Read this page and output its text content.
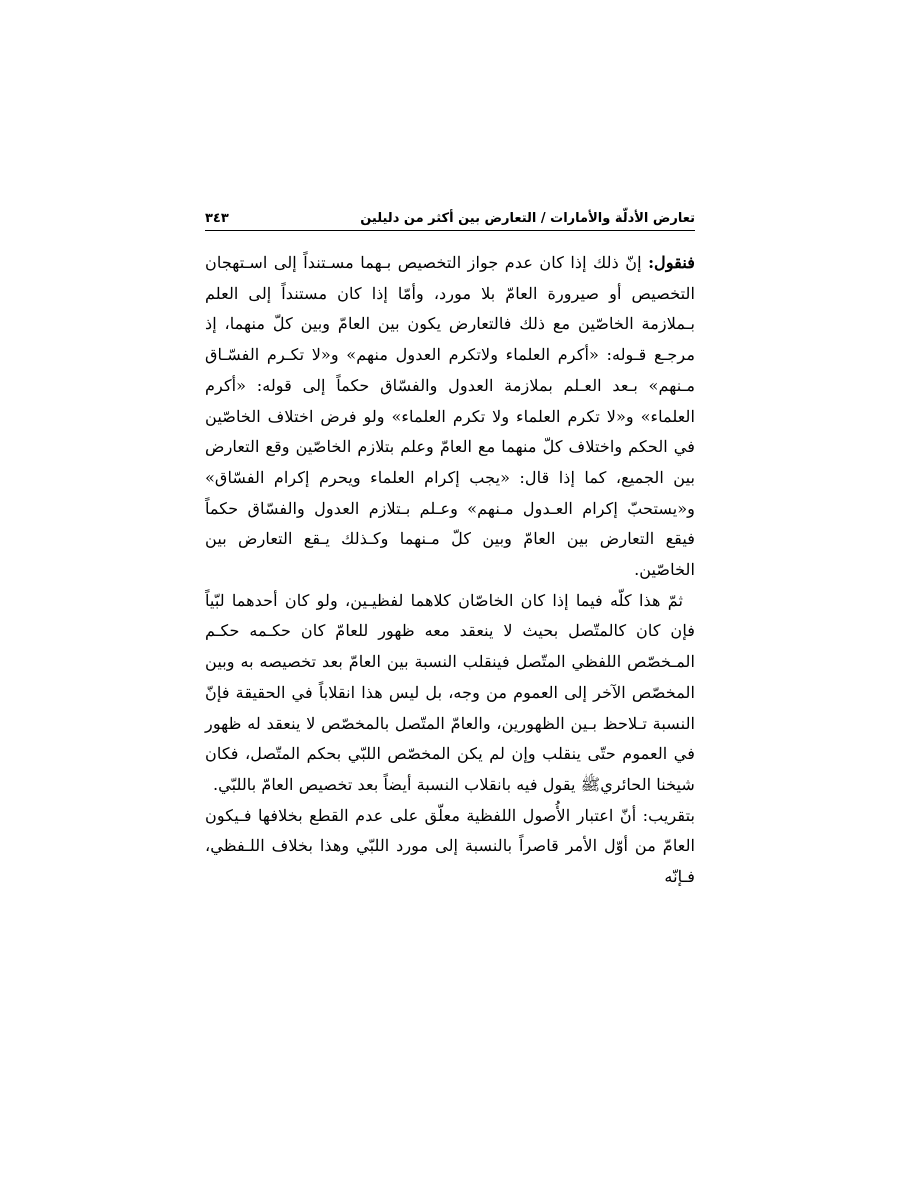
تعارض الأدلّة والأمارات / التعارض بين أكثر من دليلين
٣٤٣

فنقول: إنّ ذلك إذا كان عدم جواز التخصيص بـهما مسـتنداً إلى اسـتهجان التخصيص أو صيرورة العامّ بلا مورد، وأمّا إذا كان مستنداً إلى العلم بـملازمة الخاصّين مع ذلك فالتعارض يكون بين العامّ وبين كلّ منهما، إذ مرجـع قـوله: «أكرم العلماء ولاتكرم العدول منهم» و«لا تكـرم الفسّـاق مـنهم» بـعد العـلم بملازمة العدول والفسّاق حكماً إلى قوله: «أكرم العلماء» و«لا تكرم العلماء ولا تكرم العلماء» ولو فرض اختلاف الخاصّين في الحكم واختلاف كلّ منهما مع العامّ وعلم بتلازم الخاصّين وقع التعارض بين الجميع، كما إذا قال: «يجب إكرام العلماء ويحرم إكرام الفسّاق» و«يستحبّ إكرام العـدول مـنهم» وعـلم بـتلازم العدول والفسّاق حكماً فيقع التعارض بين العامّ وبين كلّ مـنهما وكـذلك يـقع التعارض بين الخاصّين.

ثمّ هذا كلّه فيما إذا كان الخاصّان كلاهما لفظيـين، ولو كان أحدهما لبّياً فإن كان كالمتّصل بحيث لا ينعقد معه ظهور للعامّ كان حكـمه حكـم المـخصّص اللفظي المتّصل فينقلب النسبة بين العامّ بعد تخصيصه به وبين المخصّص الآخر إلى العموم من وجه، بل ليس هذا انقلاباً في الحقيقة فإنّ النسبة تـلاحظ بـين الظهورين، والعامّ المتّصل بالمخصّص لا ينعقد له ظهور في العموم حتّى ينقلب وإن لم يكن المخصّص اللبّي بحكم المتّصل، فكان شيخنا الحائريﷺ يقول فيه بانقلاب النسبة أيضاً بعد تخصيص العامّ باللبّي.

بتقريب: أنّ اعتبار الأُصول اللفظية معلّق على عدم القطع بخلافها فـيكون العامّ من أوّل الأمر قاصراً بالنسبة إلى مورد اللبّي وهذا بخلاف اللـفظي، فـإنّه
